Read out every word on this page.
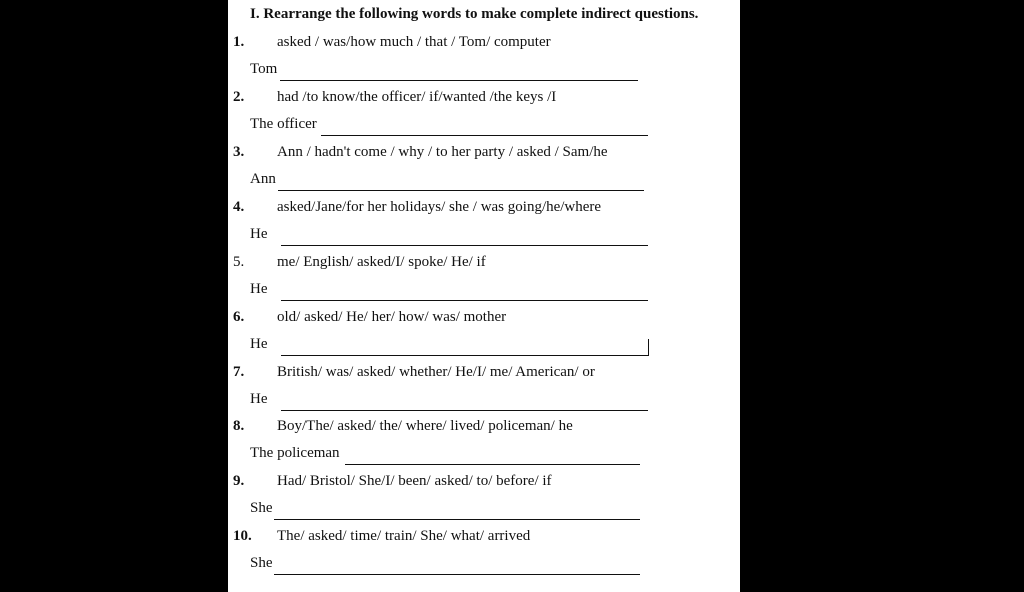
I. Rearrange the following words to make complete indirect questions.
1. asked / was/how much / that / Tom/ computer
Tom
2. had /to know/the officer/ if/wanted /the keys /I
The officer
3. Ann / hadn't come / why / to her party / asked / Sam/he
Ann
4. asked/Jane/for her holidays/ she / was going/he/where
He
5. me/ English/ asked/I/ spoke/ He/ if
He
6. old/ asked/ He/ her/ how/ was/ mother
He
7. British/ was/ asked/ whether/ He/I/ me/ American/ or
He
8. Boy/The/ asked/ the/ where/ lived/ policeman/ he
The policeman
9. Had/ Bristol/ She/I/ been/ asked/ to/ before/ if
She
10. The/ asked/ time/ train/ She/ what/ arrived
She
